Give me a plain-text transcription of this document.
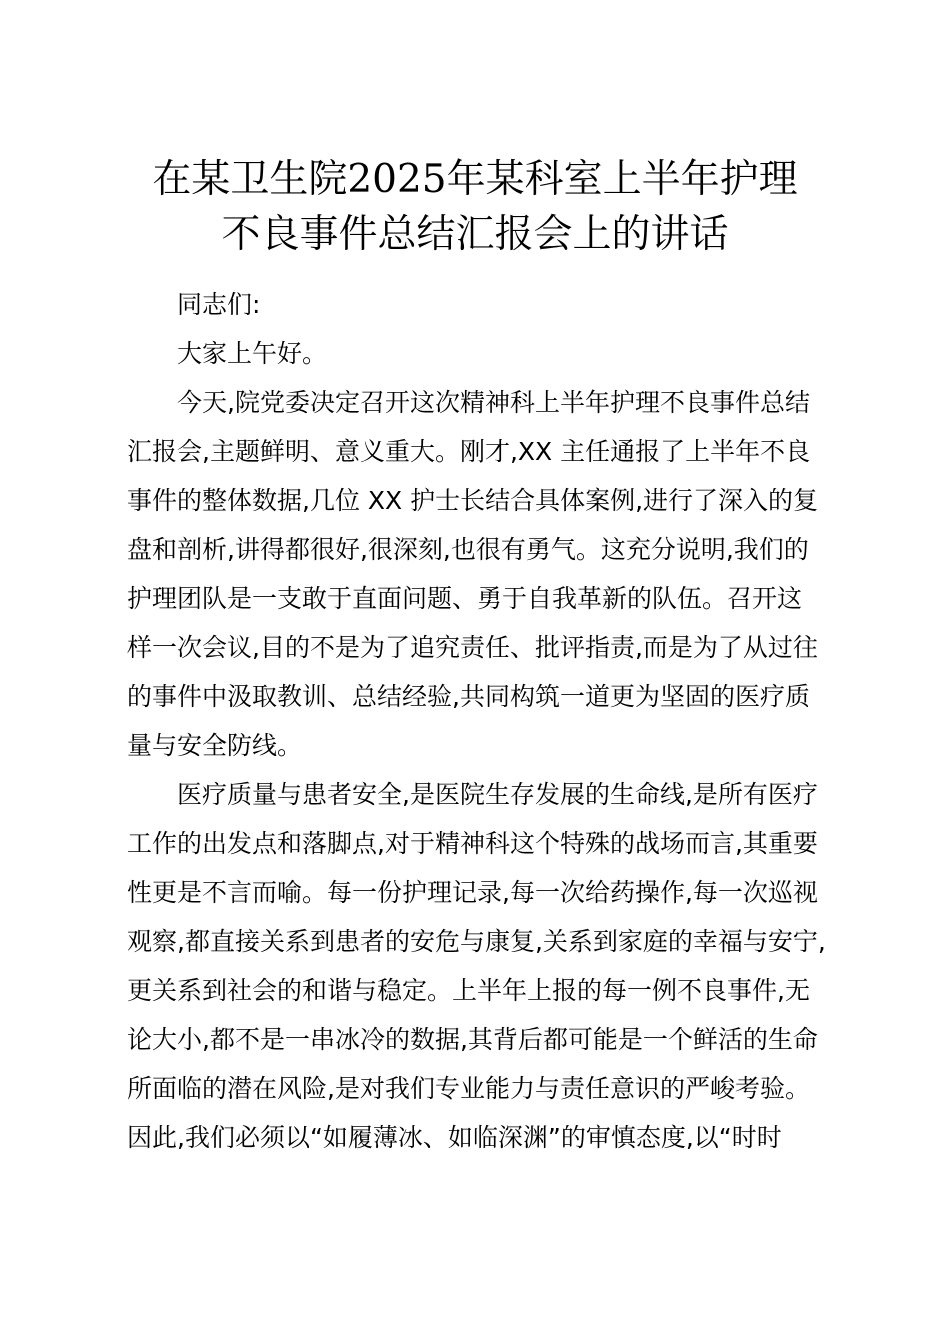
在某卫生院2025年某科室上半年护理
不良事件总结汇报会上的讲话
同志们:
大家上午好。
今天,院党委决定召开这次精神科上半年护理不良事件总结
汇报会,主题鲜明、意义重大。刚才,XX 主任通报了上半年不良
事件的整体数据,几位 XX 护士长结合具体案例,进行了深入的复
盘和剖析,讲得都很好,很深刻,也很有勇气。这充分说明,我们的
护理团队是一支敢于直面问题、勇于自我革新的队伍。召开这
样一次会议,目的不是为了追究责任、批评指责,而是为了从过往
的事件中汲取教训、总结经验,共同构筑一道更为坚固的医疗质
量与安全防线。
医疗质量与患者安全,是医院生存发展的生命线,是所有医疗
工作的出发点和落脚点,对于精神科这个特殊的战场而言,其重要
性更是不言而喻。每一份护理记录,每一次给药操作,每一次巡视
观察,都直接关系到患者的安危与康复,关系到家庭的幸福与安宁,
更关系到社会的和谐与稳定。上半年上报的每一例不良事件,无
论大小,都不是一串冰冷的数据,其背后都可能是一个鲜活的生命
所面临的潜在风险,是对我们专业能力与责任意识的严峻考验。
因此,我们必须以“如履薄冰、如临深渊”的审慎态度,以“时时
